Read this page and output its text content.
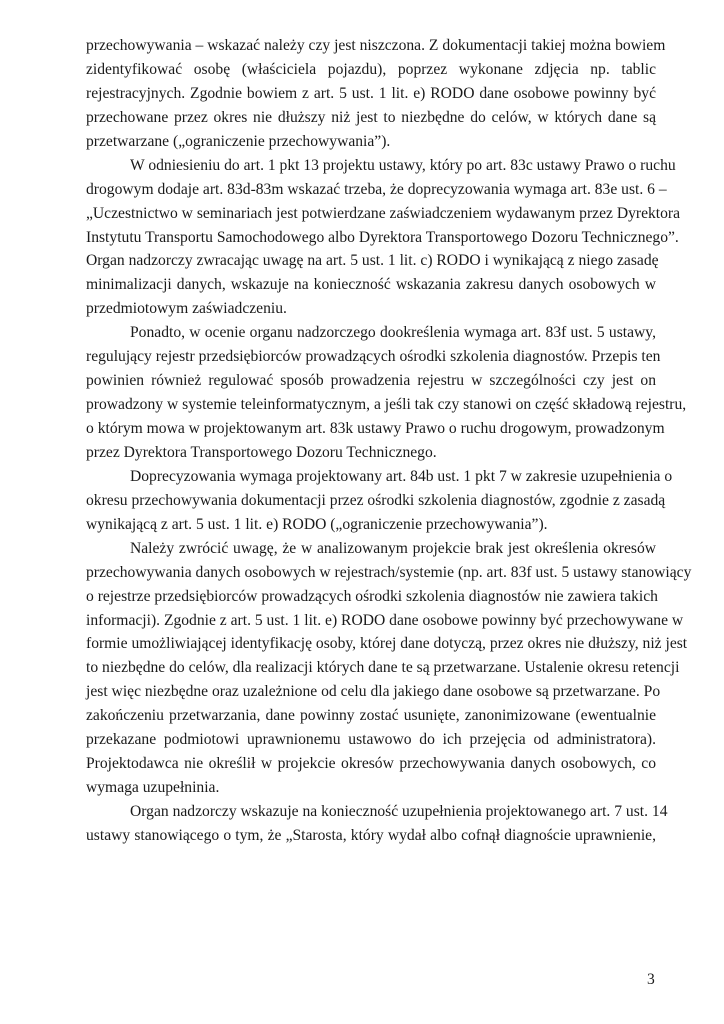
przechowywania – wskazać należy czy jest niszczona. Z dokumentacji takiej można bowiem
zidentyfikować osobę (właściciela pojazdu), poprzez wykonane zdjęcia np. tablic
rejestracyjnych. Zgodnie bowiem z art. 5 ust. 1 lit. e) RODO dane osobowe powinny być
przechowane przez okres nie dłuższy niż jest to niezbędne do celów, w których dane są
przetwarzane („ograniczenie przechowywania”).
W odniesieniu do art. 1 pkt 13 projektu ustawy, który po art. 83c ustawy Prawo o ruchu
drogowym dodaje art. 83d-83m wskazać trzeba, że doprecyzowania wymaga art. 83e ust. 6 –
„Uczestnictwo w seminariach jest potwierdzane zaświadczeniem wydawanym przez Dyrektora
Instytutu Transportu Samochodowego albo Dyrektora Transportowego Dozoru Technicznego”.
Organ nadzorczy zwracając uwagę na art. 5 ust. 1 lit. c) RODO i wynikającą z niego zasadę
minimalizacji danych, wskazuje na konieczność wskazania zakresu danych osobowych w
przedmiotowym zaświadczeniu.
Ponadto, w ocenie organu nadzorczego dookreślenia wymaga art. 83f ust. 5 ustawy,
regulujący rejestr przedsiębiorców prowadzących ośrodki szkolenia diagnostów. Przepis ten
powinien również regulować sposób prowadzenia rejestru w szczególności czy jest on
prowadzony w systemie teleinformatycznym, a jeśli tak czy stanowi on część składową rejestru,
o którym mowa w projektowanym art. 83k ustawy Prawo o ruchu drogowym, prowadzonym
przez Dyrektora Transportowego Dozoru Technicznego.
Doprecyzowania wymaga projektowany art. 84b ust. 1 pkt 7 w zakresie uzupełnienia o
okresu przechowywania dokumentacji przez ośrodki szkolenia diagnostów, zgodnie z zasadą
wynikającą z art. 5 ust. 1 lit. e) RODO („ograniczenie przechowywania”).
Należy zwrócić uwagę, że w analizowanym projekcie brak jest określenia okresów
przechowywania danych osobowych w rejestrach/systemie (np. art. 83f ust. 5 ustawy stanowiący
o rejestrze przedsiębiorców prowadzących ośrodki szkolenia diagnostów nie zawiera takich
informacji). Zgodnie z art. 5 ust. 1 lit. e) RODO dane osobowe powinny być przechowywane w
formie umożliwiającej identyfikację osoby, której dane dotyczą, przez okres nie dłuższy, niż jest
to niezbędne do celów, dla realizacji których dane te są przetwarzane. Ustalenie okresu retencji
jest więc niezbędne oraz uzależnione od celu dla jakiego dane osobowe są przetwarzane. Po
zakończeniu przetwarzania, dane powinny zostać usunięte, zanonimizowane (ewentualnie
przekazane podmiotowi uprawnionemu ustawowo do ich przejęcia od administratora).
Projektodawca nie określił w projekcie okresów przechowywania danych osobowych, co
wymaga uzupełninia.
Organ nadzorczy wskazuje na konieczność uzupełnienia projektowanego art. 7 ust. 14
ustawy stanowiącego o tym, że „Starosta, który wydał albo cofnął diagnoście uprawnienie,
3
